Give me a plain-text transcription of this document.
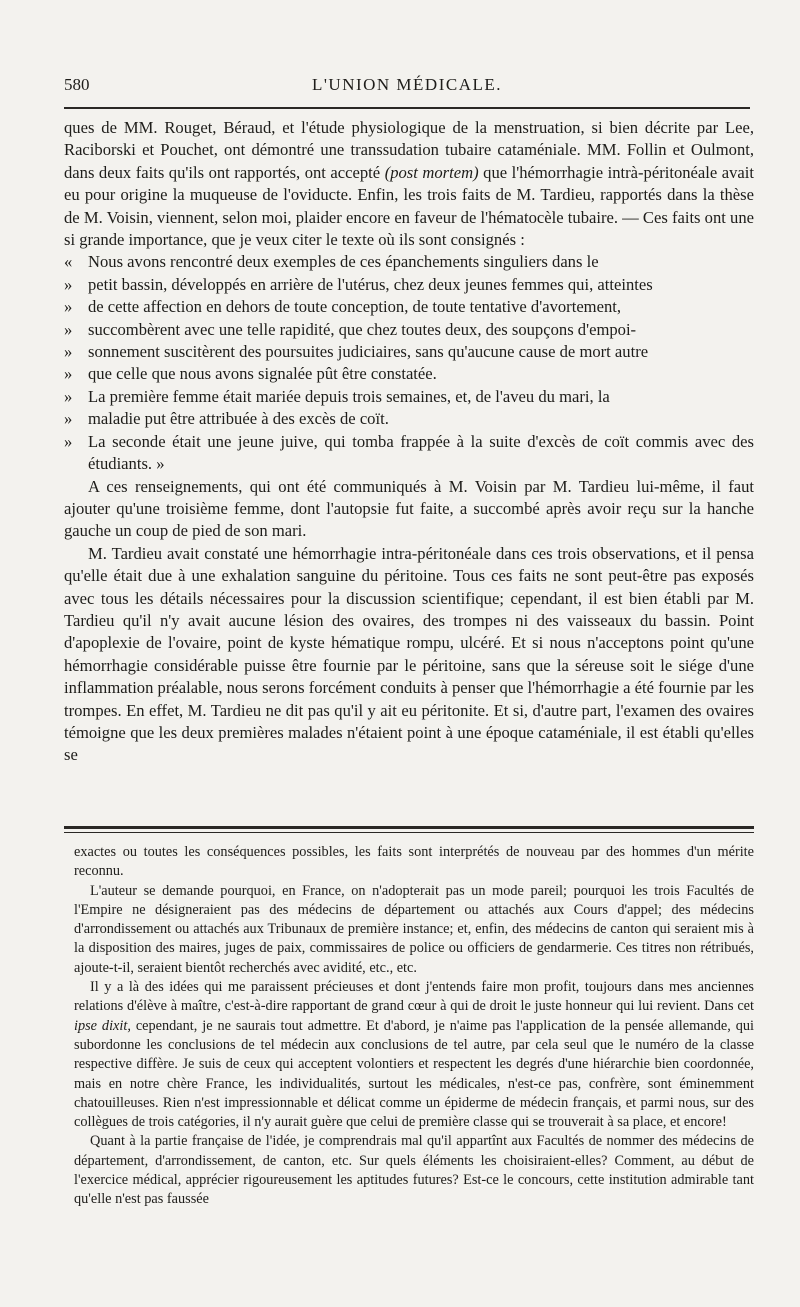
580	L'UNION MÉDICALE.

ques de MM. Rouget, Béraud, et l'étude physiologique de la menstruation, si bien décrite par Lee, Raciborski et Pouchet, ont démontré une transsudation tubaire cataméniale. MM. Follin et Oulmont, dans deux faits qu'ils ont rapportés, ont accepté (post mortem) que l'hémorrhagie intrà-péritonéale avait eu pour origine la muqueuse de l'oviducte. Enfin, les trois faits de M. Tardieu, rapportés dans la thèse de M. Voisin, viennent, selon moi, plaider encore en faveur de l'hématocèle tubaire. — Ces faits ont une si grande importance, que je veux citer le texte où ils sont consignés :

« Nous avons rencontré deux exemples de ces épanchements singuliers dans le

» petit bassin, développés en arrière de l'utérus, chez deux jeunes femmes qui, atteintes

» de cette affection en dehors de toute conception, de toute tentative d'avortement,

» succombèrent avec une telle rapidité, que chez toutes deux, des soupçons d'empoi-

» sonnement suscitèrent des poursuites judiciaires, sans qu'aucune cause de mort autre

» que celle que nous avons signalée pût être constatée.

» La première femme était mariée depuis trois semaines, et, de l'aveu du mari, la

» maladie put être attribuée à des excès de coït.

» La seconde était une jeune juive, qui tomba frappée à la suite d'excès de coït commis avec des étudiants. »

A ces renseignements, qui ont été communiqués à M. Voisin par M. Tardieu lui-même, il faut ajouter qu'une troisième femme, dont l'autopsie fut faite, a succombé après avoir reçu sur la hanche gauche un coup de pied de son mari.

M. Tardieu avait constaté une hémorrhagie intra-péritonéale dans ces trois observations, et il pensa qu'elle était due à une exhalation sanguine du péritoine. Tous ces faits ne sont peut-être pas exposés avec tous les détails nécessaires pour la discussion scientifique; cependant, il est bien établi par M. Tardieu qu'il n'y avait aucune lésion des ovaires, des trompes ni des vaisseaux du bassin. Point d'apoplexie de l'ovaire, point de kyste hématique rompu, ulcéré. Et si nous n'acceptons point qu'une hémorrhagie considérable puisse être fournie par le péritoine, sans que la séreuse soit le siége d'une inflammation préalable, nous serons forcément conduits à penser que l'hémorrhagie a été fournie par les trompes. En effet, M. Tardieu ne dit pas qu'il y ait eu péritonite. Et si, d'autre part, l'examen des ovaires témoigne que les deux premières malades n'étaient point à une époque cataméniale, il est établi qu'elles se

exactes ou toutes les conséquences possibles, les faits sont interprétés de nouveau par des hommes d'un mérite reconnu.

L'auteur se demande pourquoi, en France, on n'adopterait pas un mode pareil; pourquoi les trois Facultés de l'Empire ne désigneraient pas des médecins de département ou attachés aux Cours d'appel; des médecins d'arrondissement ou attachés aux Tribunaux de première instance; et, enfin, des médecins de canton qui seraient mis à la disposition des maires, juges de paix, commissaires de police ou officiers de gendarmerie. Ces titres non rétribués, ajoute-t-il, seraient bientôt recherchés avec avidité, etc., etc.

Il y a là des idées qui me paraissent précieuses et dont j'entends faire mon profit, toujours dans mes anciennes relations d'élève à maître, c'est-à-dire rapportant de grand cœur à qui de droit le juste honneur qui lui revient. Dans cet ipse dixit, cependant, je ne saurais tout admettre. Et d'abord, je n'aime pas l'application de la pensée allemande, qui subordonne les conclusions de tel médecin aux conclusions de tel autre, par cela seul que le numéro de la classe respective diffère. Je suis de ceux qui acceptent volontiers et respectent les degrés d'une hiérarchie bien coordonnée, mais en notre chère France, les individualités, surtout les médicales, n'est-ce pas, confrère, sont éminemment chatouilleuses. Rien n'est impressionnable et délicat comme un épiderme de médecin français, et parmi nous, sur des collègues de trois catégories, il n'y aurait guère que celui de première classe qui se trouverait à sa place, et encore!

Quant à la partie française de l'idée, je comprendrais mal qu'il appartînt aux Facultés de nommer des médecins de département, d'arrondissement, de canton, etc. Sur quels éléments les choisiraient-elles? Comment, au début de l'exercice médical, apprécier rigoureusement les aptitudes futures? Est-ce le concours, cette institution admirable tant qu'elle n'est pas faussée
